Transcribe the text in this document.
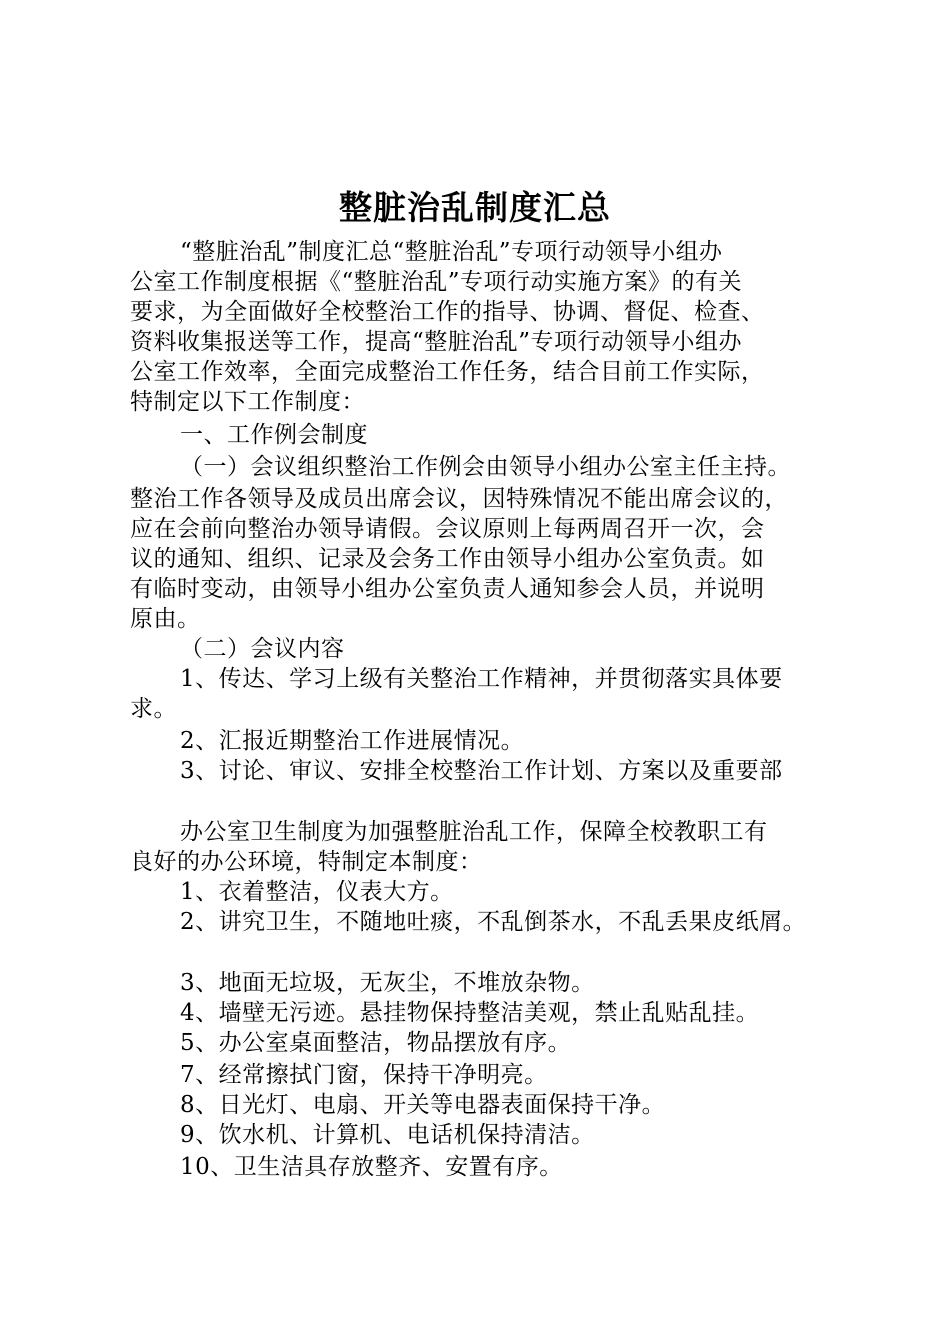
整脏治乱制度汇总
“整脏治乱”制度汇总“整脏治乱”专项行动领导小组办
公室工作制度根据《“整脏治乱”专项行动实施方案》的有关
要求，为全面做好全校整治工作的指导、协调、督促、检查、
资料收集报送等工作，提高“整脏治乱”专项行动领导小组办
公室工作效率，全面完成整治工作任务，结合目前工作实际，
特制定以下工作制度：
一、工作例会制度
（一）会议组织整治工作例会由领导小组办公室主任主持。
整治工作各领导及成员出席会议，因特殊情况不能出席会议的，
应在会前向整治办领导请假。会议原则上每两周召开一次，会
议的通知、组织、记录及会务工作由领导小组办公室负责。如
有临时变动，由领导小组办公室负责人通知参会人员，并说明
原由。
（二）会议内容
1、传达、学习上级有关整治工作精神，并贯彻落实具体要
求。
2、汇报近期整治工作进展情况。
3、讨论、审议、安排全校整治工作计划、方案以及重要部
办公室卫生制度为加强整脏治乱工作，保障全校教职工有
良好的办公环境，特制定本制度：
1、衣着整洁，仪表大方。
2、讲究卫生，不随地吐痰，不乱倒茶水，不乱丢果皮纸屑。
3、地面无垃圾，无灰尘，不堆放杂物。
4、墙壁无污迹。悬挂物保持整洁美观，禁止乱贴乱挂。
5、办公室桌面整洁，物品摆放有序。
7、经常擦拭门窗，保持干净明亮。
8、日光灯、电扇、开关等电器表面保持干净。
9、饮水机、计算机、电话机保持清洁。
10、卫生洁具存放整齐、安置有序。
